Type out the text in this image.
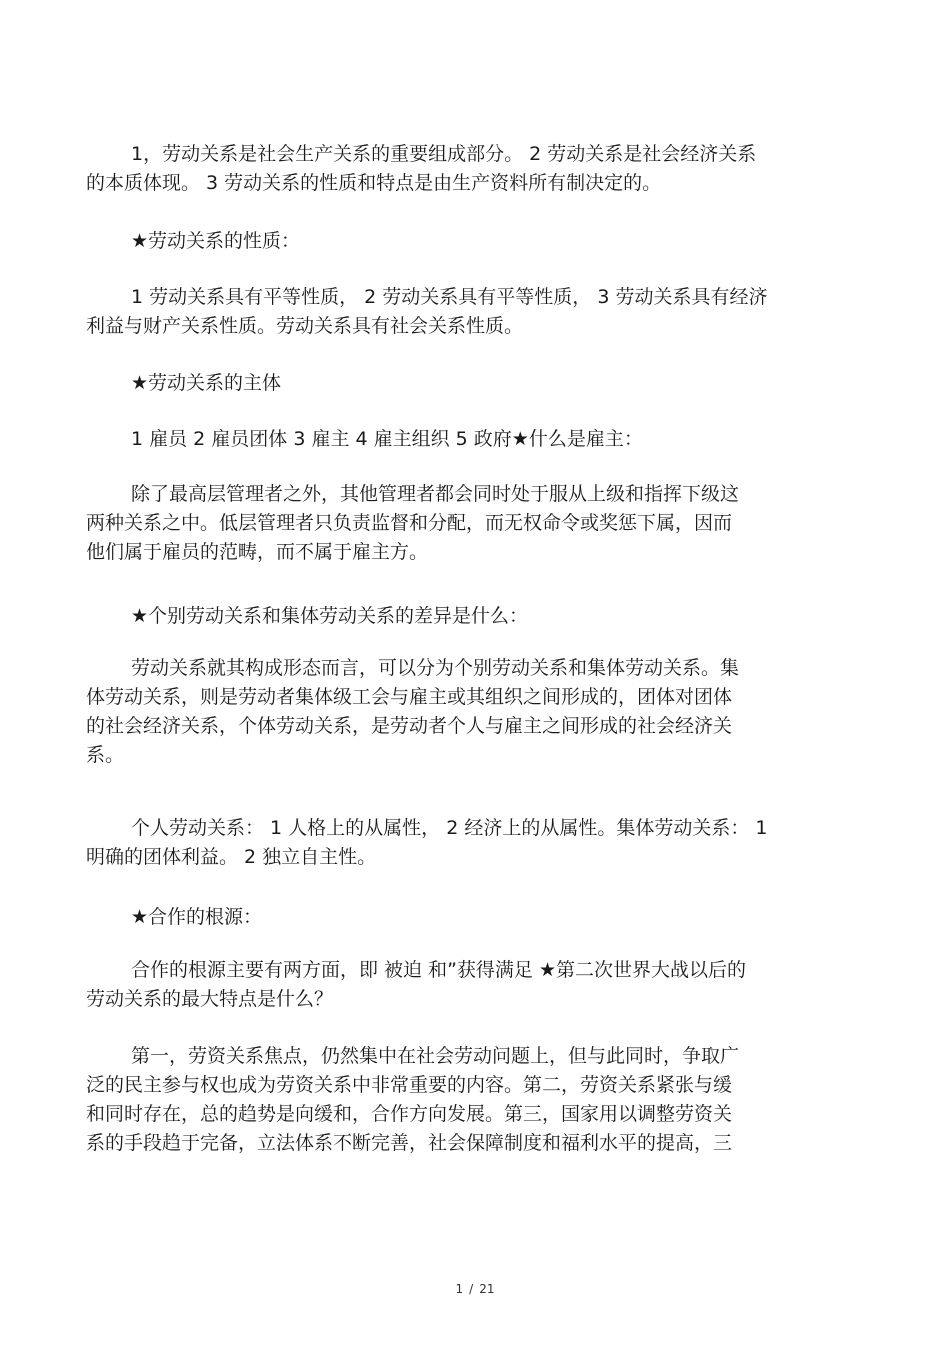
1，劳动关系是社会生产关系的重要组成部分。 2 劳动关系是社会经济关系
的本质体现。 3 劳动关系的性质和特点是由生产资料所有制决定的。
★劳动关系的性质：
1 劳动关系具有平等性质， 2 劳动关系具有平等性质， 3 劳动关系具有经济
利益与财产关系性质。劳动关系具有社会关系性质。
★劳动关系的主体
1 雇员 2 雇员团体 3 雇主 4 雇主组织 5 政府★什么是雇主：
除了最高层管理者之外，其他管理者都会同时处于服从上级和指挥下级这
两种关系之中。低层管理者只负责监督和分配，而无权命令或奖惩下属，因而
他们属于雇员的范畴，而不属于雇主方。
★个别劳动关系和集体劳动关系的差异是什么：
劳动关系就其构成形态而言，可以分为个别劳动关系和集体劳动关系。集
体劳动关系，则是劳动者集体级工会与雇主或其组织之间形成的，团体对团体
的社会经济关系，个体劳动关系，是劳动者个人与雇主之间形成的社会经济关
系。
个人劳动关系： 1 人格上的从属性， 2 经济上的从属性。集体劳动关系： 1
明确的团体利益。 2 独立自主性。
★合作的根源：
合作的根源主要有两方面，即 被迫 和”获得满足 ★第二次世界大战以后的
劳动关系的最大特点是什么？
第一，劳资关系焦点，仍然集中在社会劳动问题上，但与此同时，争取广
泛的民主参与权也成为劳资关系中非常重要的内容。第二，劳资关系紧张与缓
和同时存在，总的趋势是向缓和，合作方向发展。第三，国家用以调整劳资关
系的手段趋于完备，立法体系不断完善，社会保障制度和福利水平的提高，三
1 / 21
